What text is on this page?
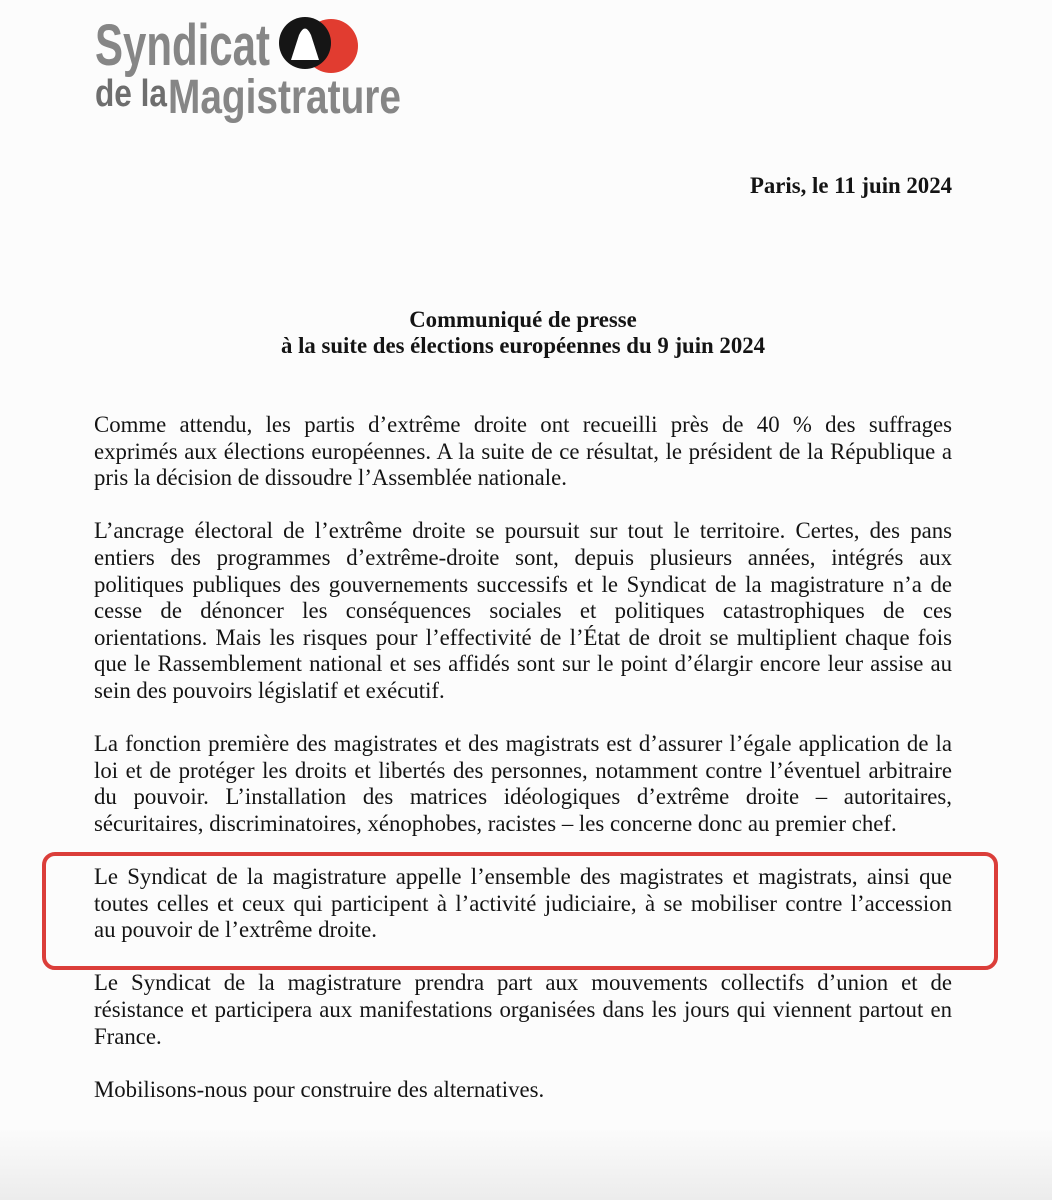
Syndicat
de la Magistrature
Paris, le 11 juin 2024
Communiqué de presse
à la suite des élections européennes du 9 juin 2024
Comme attendu, les partis d’extrême droite ont recueilli près de 40 % des suffrages
exprimés aux élections européennes. A la suite de ce résultat, le président de la République a
pris la décision de dissoudre l’Assemblée nationale.
L’ancrage électoral de l’extrême droite se poursuit sur tout le territoire. Certes, des pans
entiers des programmes d’extrême-droite sont, depuis plusieurs années, intégrés aux
politiques publiques des gouvernements successifs et le Syndicat de la magistrature n’a de
cesse de dénoncer les conséquences sociales et politiques catastrophiques de ces
orientations. Mais les risques pour l’effectivité de l’État de droit se multiplient chaque fois
que le Rassemblement national et ses affidés sont sur le point d’élargir encore leur assise au
sein des pouvoirs législatif et exécutif.
La fonction première des magistrates et des magistrats est d’assurer l’égale application de la
loi et de protéger les droits et libertés des personnes, notamment contre l’éventuel arbitraire
du pouvoir. L’installation des matrices idéologiques d’extrême droite – autoritaires,
sécuritaires, discriminatoires, xénophobes, racistes – les concerne donc au premier chef.
Le Syndicat de la magistrature appelle l’ensemble des magistrates et magistrats, ainsi que
toutes celles et ceux qui participent à l’activité judiciaire, à se mobiliser contre l’accession
au pouvoir de l’extrême droite.
Le Syndicat de la magistrature prendra part aux mouvements collectifs d’union et de
résistance et participera aux manifestations organisées dans les jours qui viennent partout en
France.
Mobilisons-nous pour construire des alternatives.
